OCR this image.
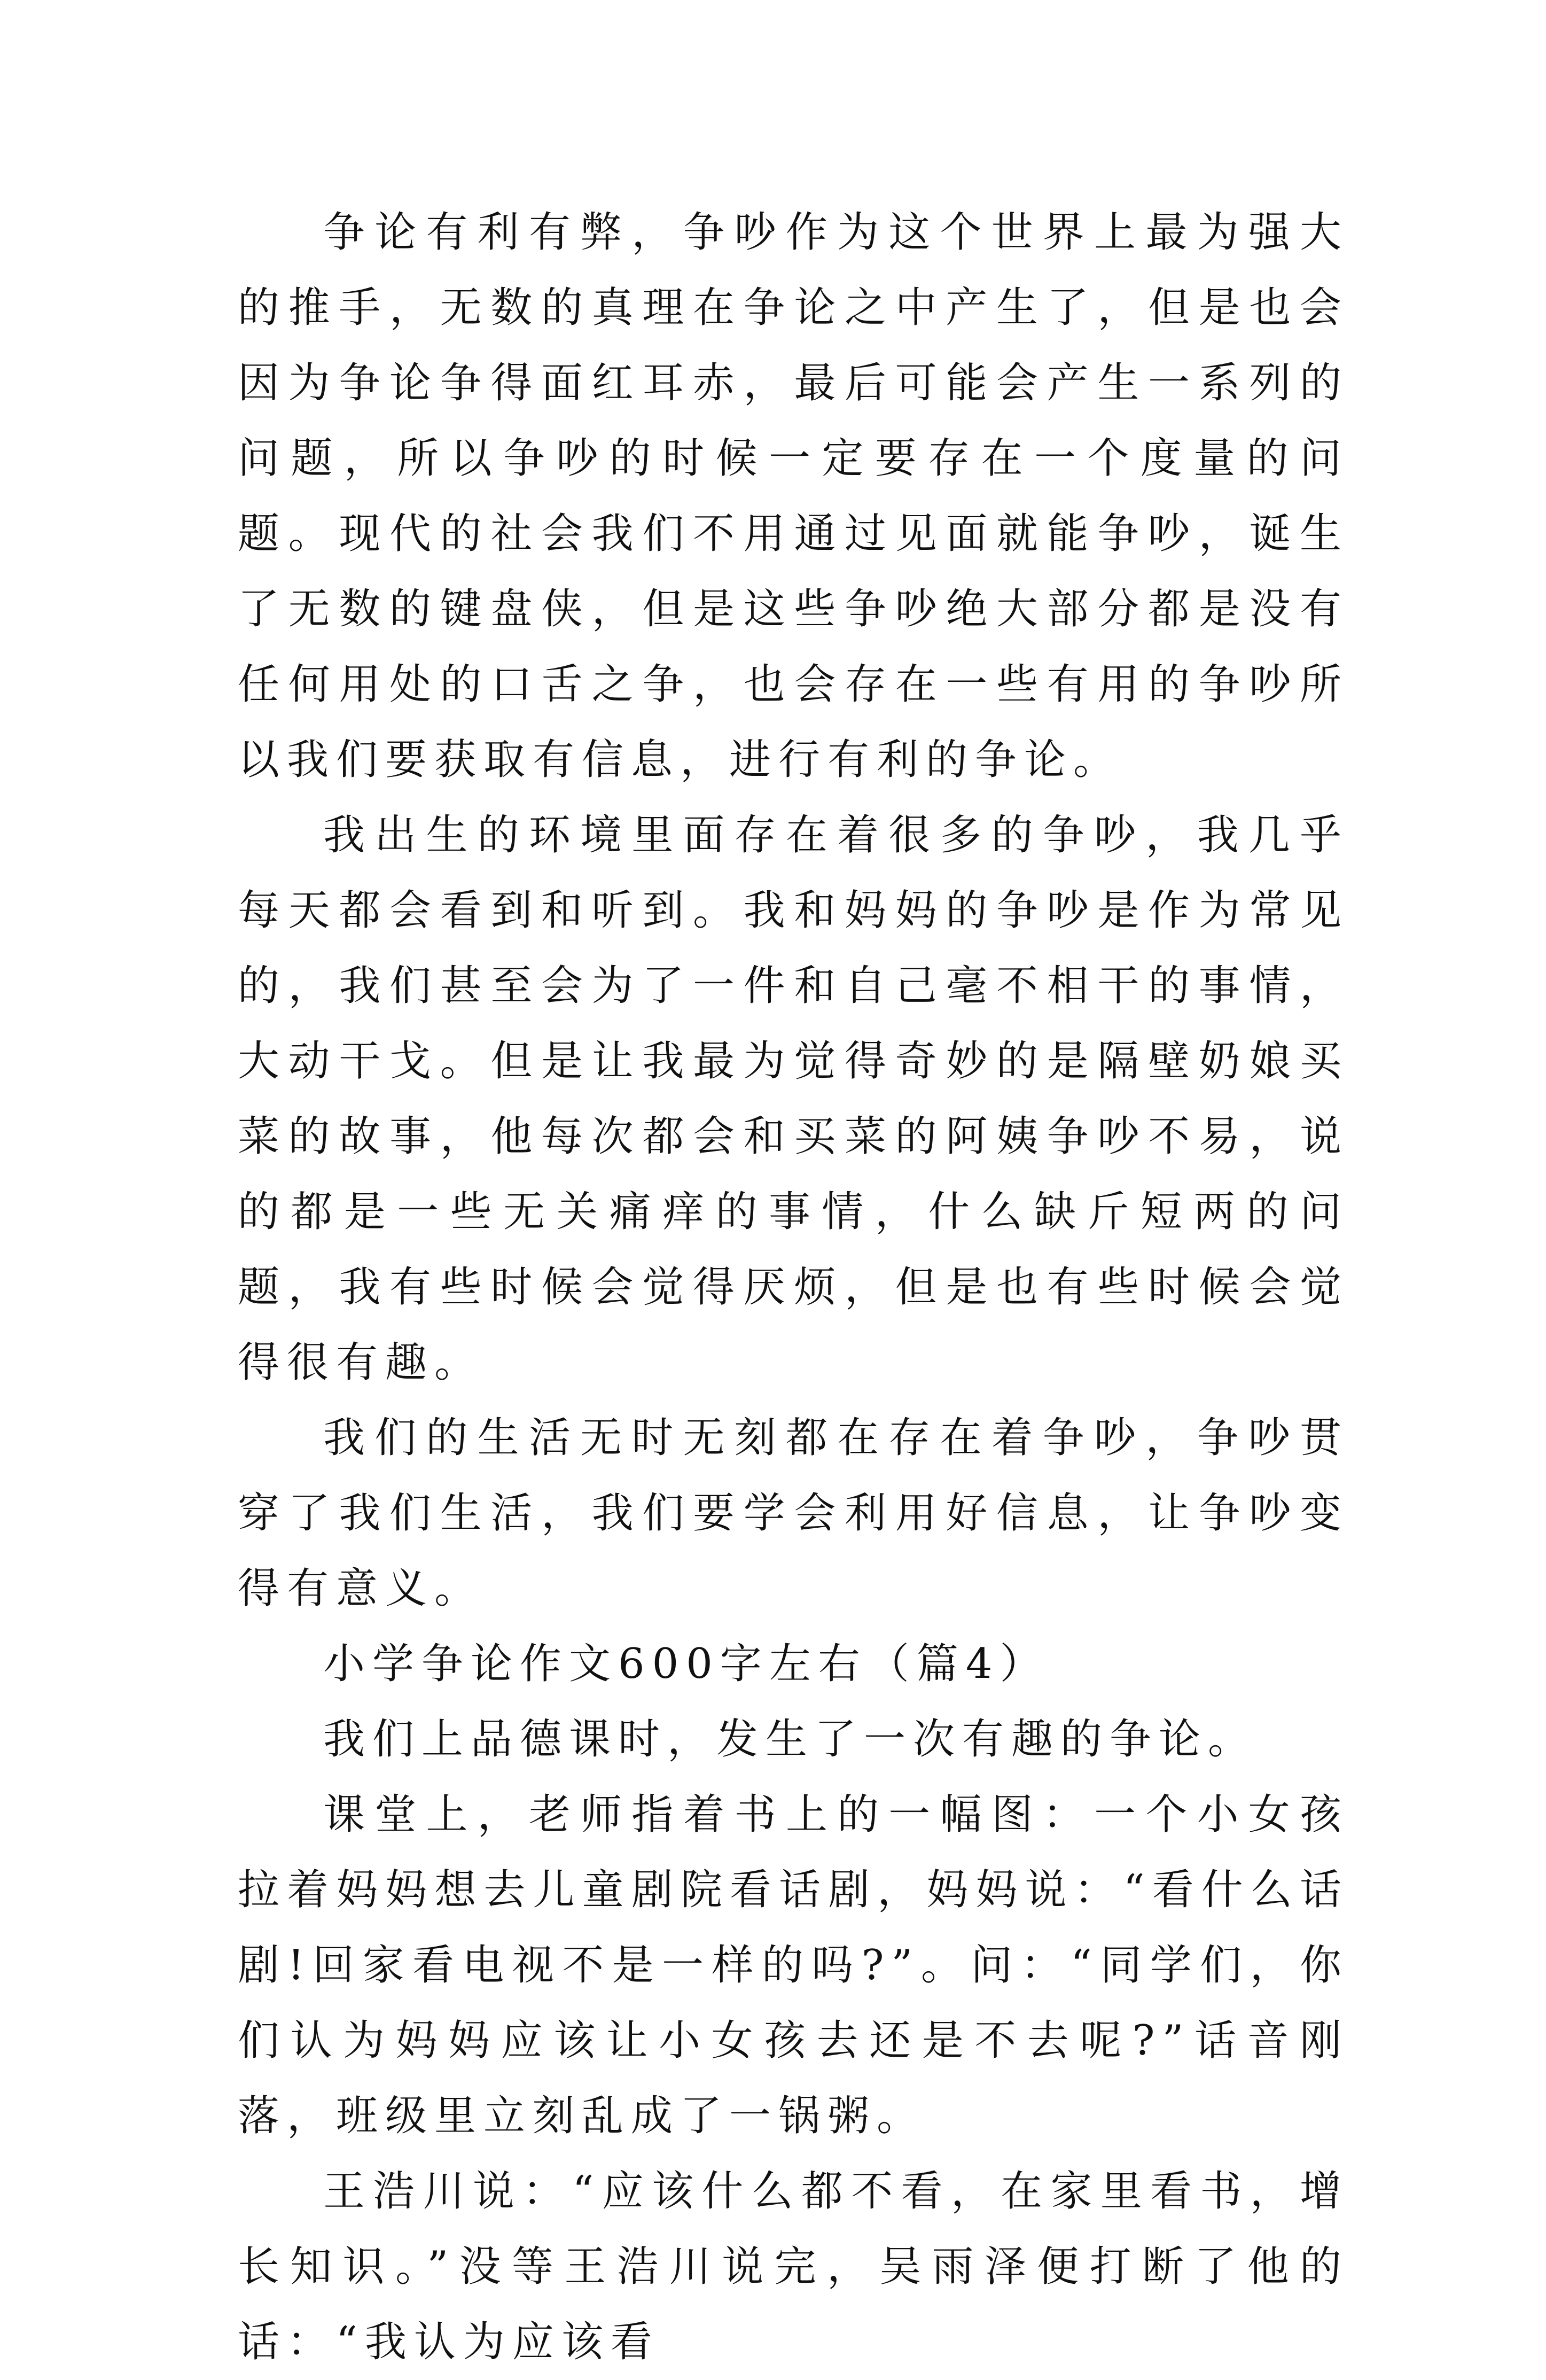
争论有利有弊，争吵作为这个世界上最为强大的推手，无数的真理在争论之中产生了，但是也会因为争论争得面红耳赤，最后可能会产生一系列的问题，所以争吵的时候一定要存在一个度量的问题。现代的社会我们不用通过见面就能争吵，诞生了无数的键盘侠，但是这些争吵绝大部分都是没有任何用处的口舌之争，也会存在一些有用的争吵所以我们要获取有信息，进行有利的争论。

我出生的环境里面存在着很多的争吵，我几乎每天都会看到和听到。我和妈妈的争吵是作为常见的，我们甚至会为了一件和自己毫不相干的事情，大动干戈。但是让我最为觉得奇妙的是隔壁奶娘买菜的故事，他每次都会和买菜的阿姨争吵不易，说的都是一些无关痛痒的事情，什么缺斤短两的问题，我有些时候会觉得厌烦，但是也有些时候会觉得很有趣。

我们的生活无时无刻都在存在着争吵，争吵贯穿了我们生活，我们要学会利用好信息，让争吵变得有意义。

小学争论作文600字左右（篇4）

我们上品德课时，发生了一次有趣的争论。

课堂上，老师指着书上的一幅图：一个小女孩拉着妈妈想去儿童剧院看话剧，妈妈说：“看什么话剧!回家看电视不是一样的吗?”。问：“同学们，你们认为妈妈应该让小女孩去还是不去呢?”话音刚落，班级里立刻乱成了一锅粥。

王浩川说：“应该什么都不看，在家里看书，增长知识。”没等王浩川说完，吴雨泽便打断了他的话：“我认为应该看
